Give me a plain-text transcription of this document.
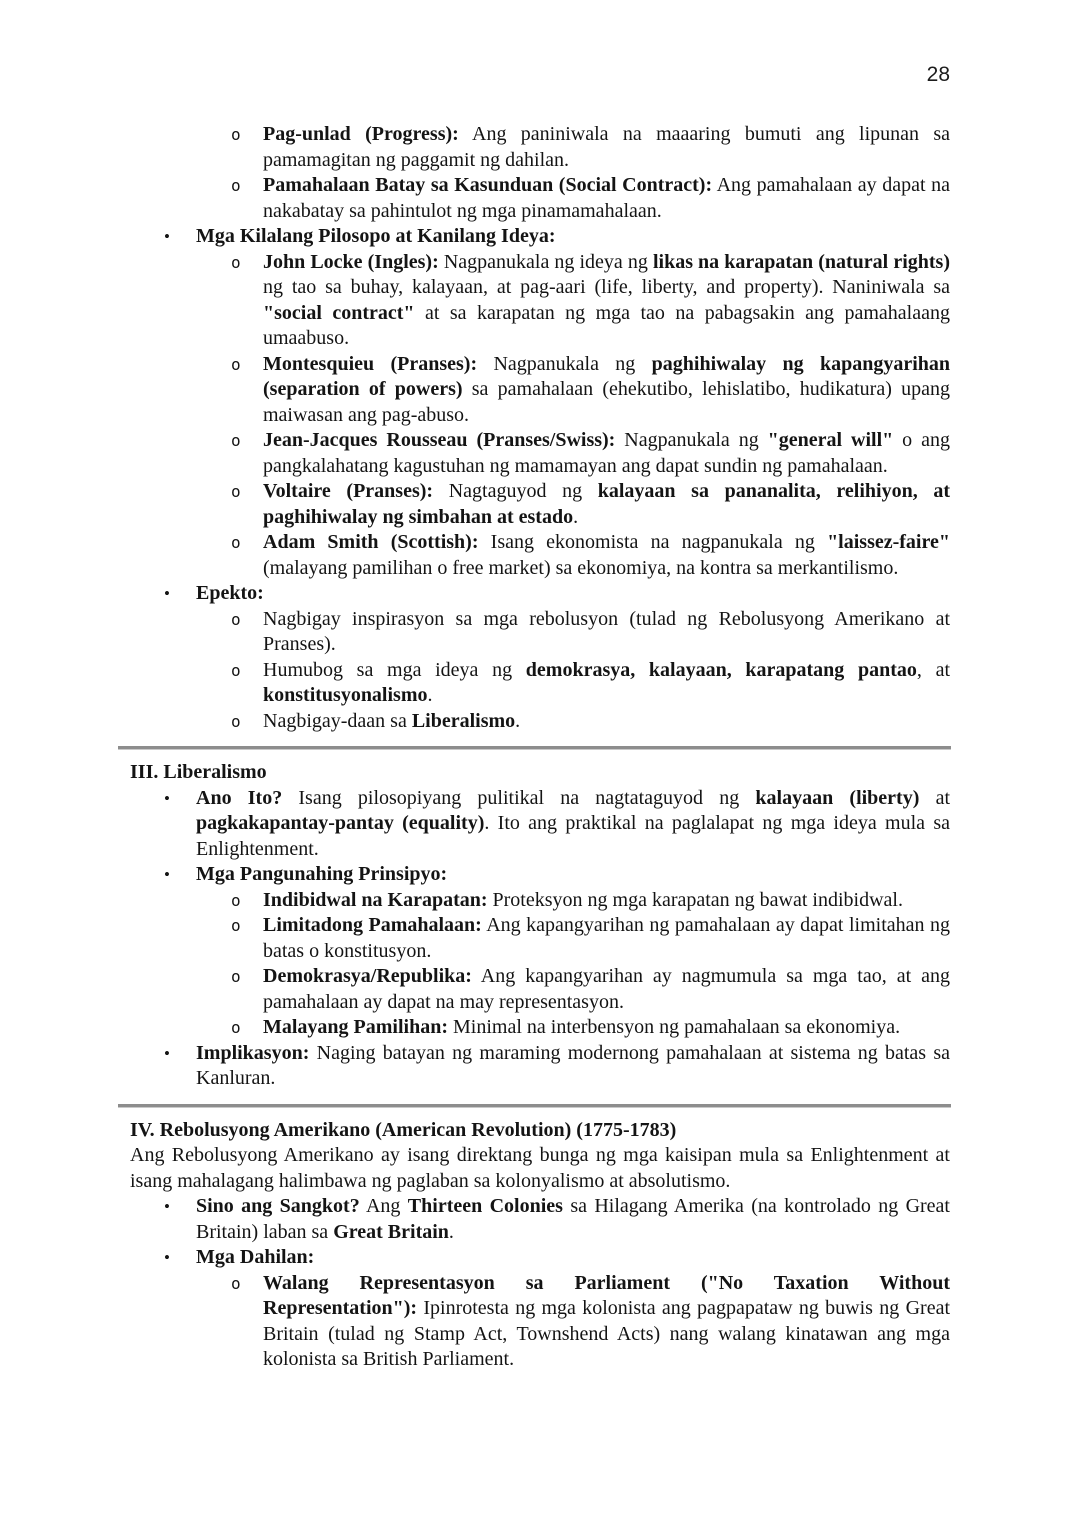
28
o Pag-unlad (Progress): Ang paniniwala na maaaring bumuti ang lipunan sa pamamagitan ng paggamit ng dahilan.
o Pamahalaan Batay sa Kasunduan (Social Contract): Ang pamahalaan ay dapat na nakabatay sa pahintulot ng mga pinamamahalaan.
• Mga Kilalang Pilosopo at Kanilang Ideya:
o John Locke (Ingles): Nagpanukala ng ideya ng likas na karapatan (natural rights) ng tao sa buhay, kalayaan, at pag-aari (life, liberty, and property). Naniniwala sa "social contract" at sa karapatan ng mga tao na pabagsakin ang pamahalaang umaabuso.
o Montesquieu (Pranses): Nagpanukala ng paghihiwalay ng kapangyarihan (separation of powers) sa pamahalaan (ehekutibo, lehislatibo, hudikatura) upang maiwasan ang pag-abuso.
o Jean-Jacques Rousseau (Pranses/Swiss): Nagpanukala ng "general will" o ang pangkalahatang kagustuhan ng mamamayan ang dapat sundin ng pamahalaan.
o Voltaire (Pranses): Nagtaguyod ng kalayaan sa pananalita, relihiyon, at paghihiwalay ng simbahan at estado.
o Adam Smith (Scottish): Isang ekonomista na nagpanukala ng "laissez-faire" (malayang pamilihan o free market) sa ekonomiya, na kontra sa merkantilismo.
• Epekto:
o Nagbigay inspirasyon sa mga rebolusyon (tulad ng Rebolusyong Amerikano at Pranses).
o Humubog sa mga ideya ng demokrasya, kalayaan, karapatang pantao, at konstitusyonalismo.
o Nagbigay-daan sa Liberalismo.
III. Liberalismo
• Ano Ito? Isang pilosopiyang pulitikal na nagtataguyod ng kalayaan (liberty) at pagkakapantay-pantay (equality). Ito ang praktikal na paglalapat ng mga ideya mula sa Enlightenment.
• Mga Pangunahing Prinsipyo:
o Indibidwal na Karapatan: Proteksyon ng mga karapatan ng bawat indibidwal.
o Limitadong Pamahalaan: Ang kapangyarihan ng pamahalaan ay dapat limitahan ng batas o konstitusyon.
o Demokrasya/Republika: Ang kapangyarihan ay nagmumula sa mga tao, at ang pamahalaan ay dapat na may representasyon.
o Malayang Pamilihan: Minimal na interbensyon ng pamahalaan sa ekonomiya.
• Implikasyon: Naging batayan ng maraming modernong pamahalaan at sistema ng batas sa Kanluran.
IV. Rebolusyong Amerikano (American Revolution) (1775-1783)
Ang Rebolusyong Amerikano ay isang direktang bunga ng mga kaisipan mula sa Enlightenment at isang mahalagang halimbawa ng paglaban sa kolonyalismo at absolutismo.
• Sino ang Sangkot? Ang Thirteen Colonies sa Hilagang Amerika (na kontrolado ng Great Britain) laban sa Great Britain.
• Mga Dahilan:
o Walang Representasyon sa Parliament ("No Taxation Without Representation"): Ipinrotesta ng mga kolonista ang pagpapataw ng buwis ng Great Britain (tulad ng Stamp Act, Townshend Acts) nang walang kinatawan ang mga kolonista sa British Parliament.
